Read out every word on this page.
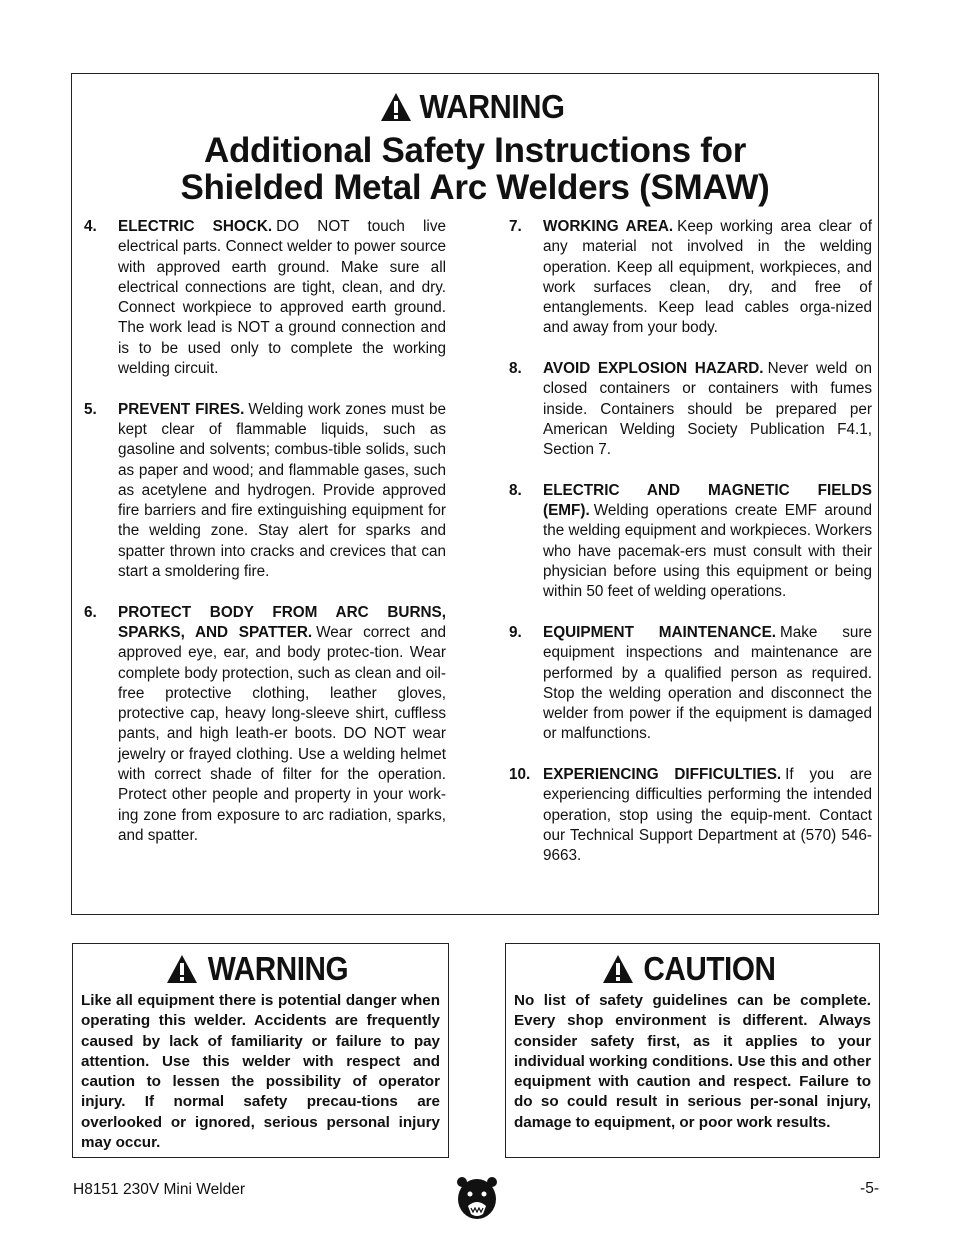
WARNING
Additional Safety Instructions for
Shielded Metal Arc Welders (SMAW)
4.	ELECTRIC SHOCK. DO NOT touch live electrical parts. Connect welder to power source with approved earth ground. Make sure all electrical connections are tight, clean, and dry. Connect workpiece to approved earth ground. The work lead is NOT a ground connection and is to be used only to complete the working welding circuit.
5.	PREVENT FIRES. Welding work zones must be kept clear of flammable liquids, such as gasoline and solvents; combus-tible solids, such as paper and wood; and flammable gases, such as acetylene and hydrogen. Provide approved fire barriers and fire extinguishing equipment for the welding zone. Stay alert for sparks and spatter thrown into cracks and crevices that can start a smoldering fire.
6.	PROTECT BODY FROM ARC BURNS, SPARKS, AND SPATTER. Wear correct and approved eye, ear, and body protec-tion. Wear complete body protection, such as clean and oil-free protective clothing, leather gloves, protective cap, heavy long-sleeve shirt, cuffless pants, and high leath-er boots. DO NOT wear jewelry or frayed clothing. Use a welding helmet with correct shade of filter for the operation. Protect other people and property in your work-ing zone from exposure to arc radiation, sparks, and spatter.
7.	WORKING AREA. Keep working area clear of any material not involved in the welding operation. Keep all equipment, workpieces, and work surfaces clean, dry, and free of entanglements. Keep lead cables orga-nized and away from your body.
8.	AVOID EXPLOSION HAZARD. Never weld on closed containers or containers with fumes inside. Containers should be prepared per American Welding Society Publication F4.1, Section 7.
8.	ELECTRIC AND MAGNETIC FIELDS (EMF). Welding operations create EMF around the welding equipment and workpieces. Workers who have pacemak-ers must consult with their physician before using this equipment or being within 50 feet of welding operations.
9.	EQUIPMENT MAINTENANCE. Make sure equipment inspections and maintenance are performed by a qualified person as required. Stop the welding operation and disconnect the welder from power if the equipment is damaged or malfunctions.
10. EXPERIENCING DIFFICULTIES. If you are experiencing difficulties performing the intended operation, stop using the equip-ment. Contact our Technical Support Department at (570) 546-9663.
WARNING
Like all equipment there is potential danger when operating this welder. Accidents are frequently caused by lack of familiarity or failure to pay attention. Use this welder with respect and caution to lessen the possibility of operator injury. If normal safety precau-tions are overlooked or ignored, serious personal injury may occur.
CAUTION
No list of safety guidelines can be complete. Every shop environment is different. Always consider safety first, as it applies to your individual working conditions. Use this and other equipment with caution and respect. Failure to do so could result in serious per-sonal injury, damage to equipment, or poor work results.
H8151 230V Mini Welder	-5-
